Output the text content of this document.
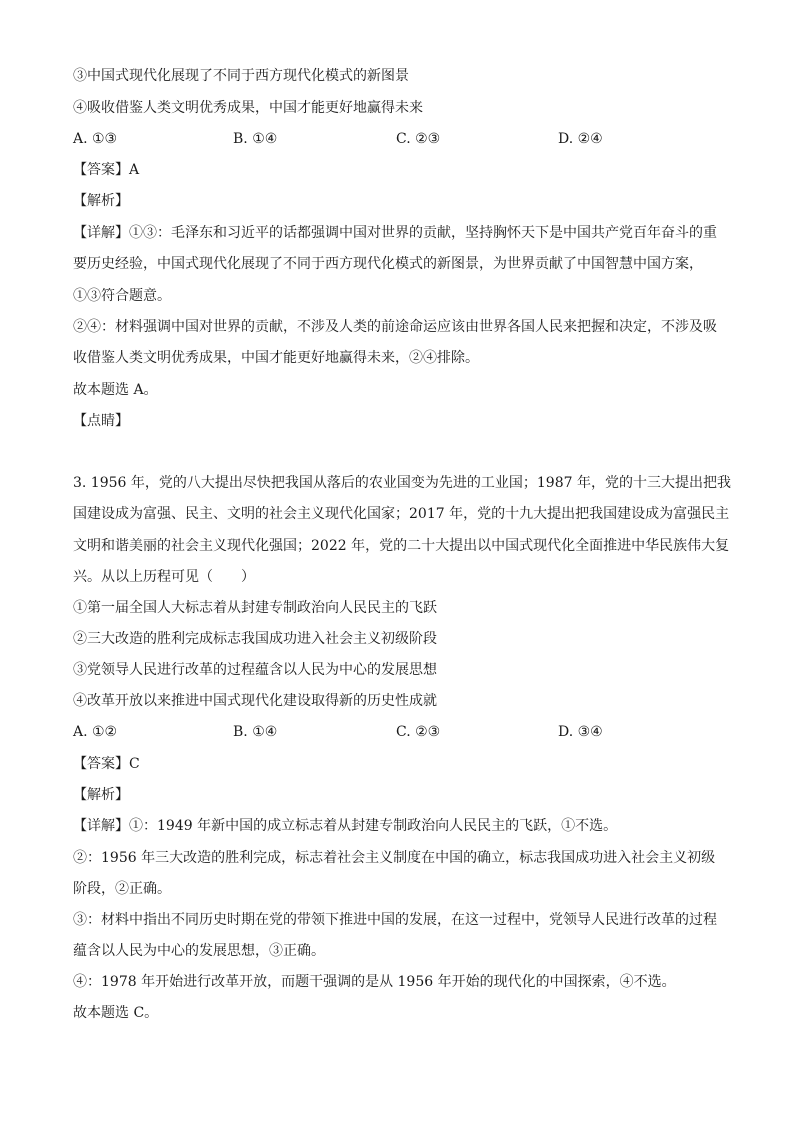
③中国式现代化展现了不同于西方现代化模式的新图景
④吸收借鉴人类文明优秀成果，中国才能更好地赢得未来
A. ①③	B. ①④	C. ②③	D. ②④
【答案】A
【解析】
【详解】①③：毛泽东和习近平的话都强调中国对世界的贡献，坚持胸怀天下是中国共产党百年奋斗的重
要历史经验，中国式现代化展现了不同于西方现代化模式的新图景，为世界贡献了中国智慧中国方案，
①③符合题意。
②④：材料强调中国对世界的贡献，不涉及人类的前途命运应该由世界各国人民来把握和决定，不涉及吸
收借鉴人类文明优秀成果，中国才能更好地赢得未来，②④排除。
故本题选 A。
【点睛】
3. 1956 年，党的八大提出尽快把我国从落后的农业国变为先进的工业国；1987 年，党的十三大提出把我
国建设成为富强、民主、文明的社会主义现代化国家；2017 年，党的十九大提出把我国建设成为富强民主
文明和谐美丽的社会主义现代化强国；2022 年，党的二十大提出以中国式现代化全面推进中华民族伟大复
兴。从以上历程可见（　　）
①第一届全国人大标志着从封建专制政治向人民民主的飞跃
②三大改造的胜利完成标志我国成功进入社会主义初级阶段
③党领导人民进行改革的过程蕴含以人民为中心的发展思想
④改革开放以来推进中国式现代化建设取得新的历史性成就
A. ①②	B. ①④	C. ②③	D. ③④
【答案】C
【解析】
【详解】①：1949 年新中国的成立标志着从封建专制政治向人民民主的飞跃，①不选。
②：1956 年三大改造的胜利完成，标志着社会主义制度在中国的确立，标志我国成功进入社会主义初级
阶段，②正确。
③：材料中指出不同历史时期在党的带领下推进中国的发展，在这一过程中，党领导人民进行改革的过程
蕴含以人民为中心的发展思想，③正确。
④：1978 年开始进行改革开放，而题干强调的是从 1956 年开始的现代化的中国探索，④不选。
故本题选 C。
